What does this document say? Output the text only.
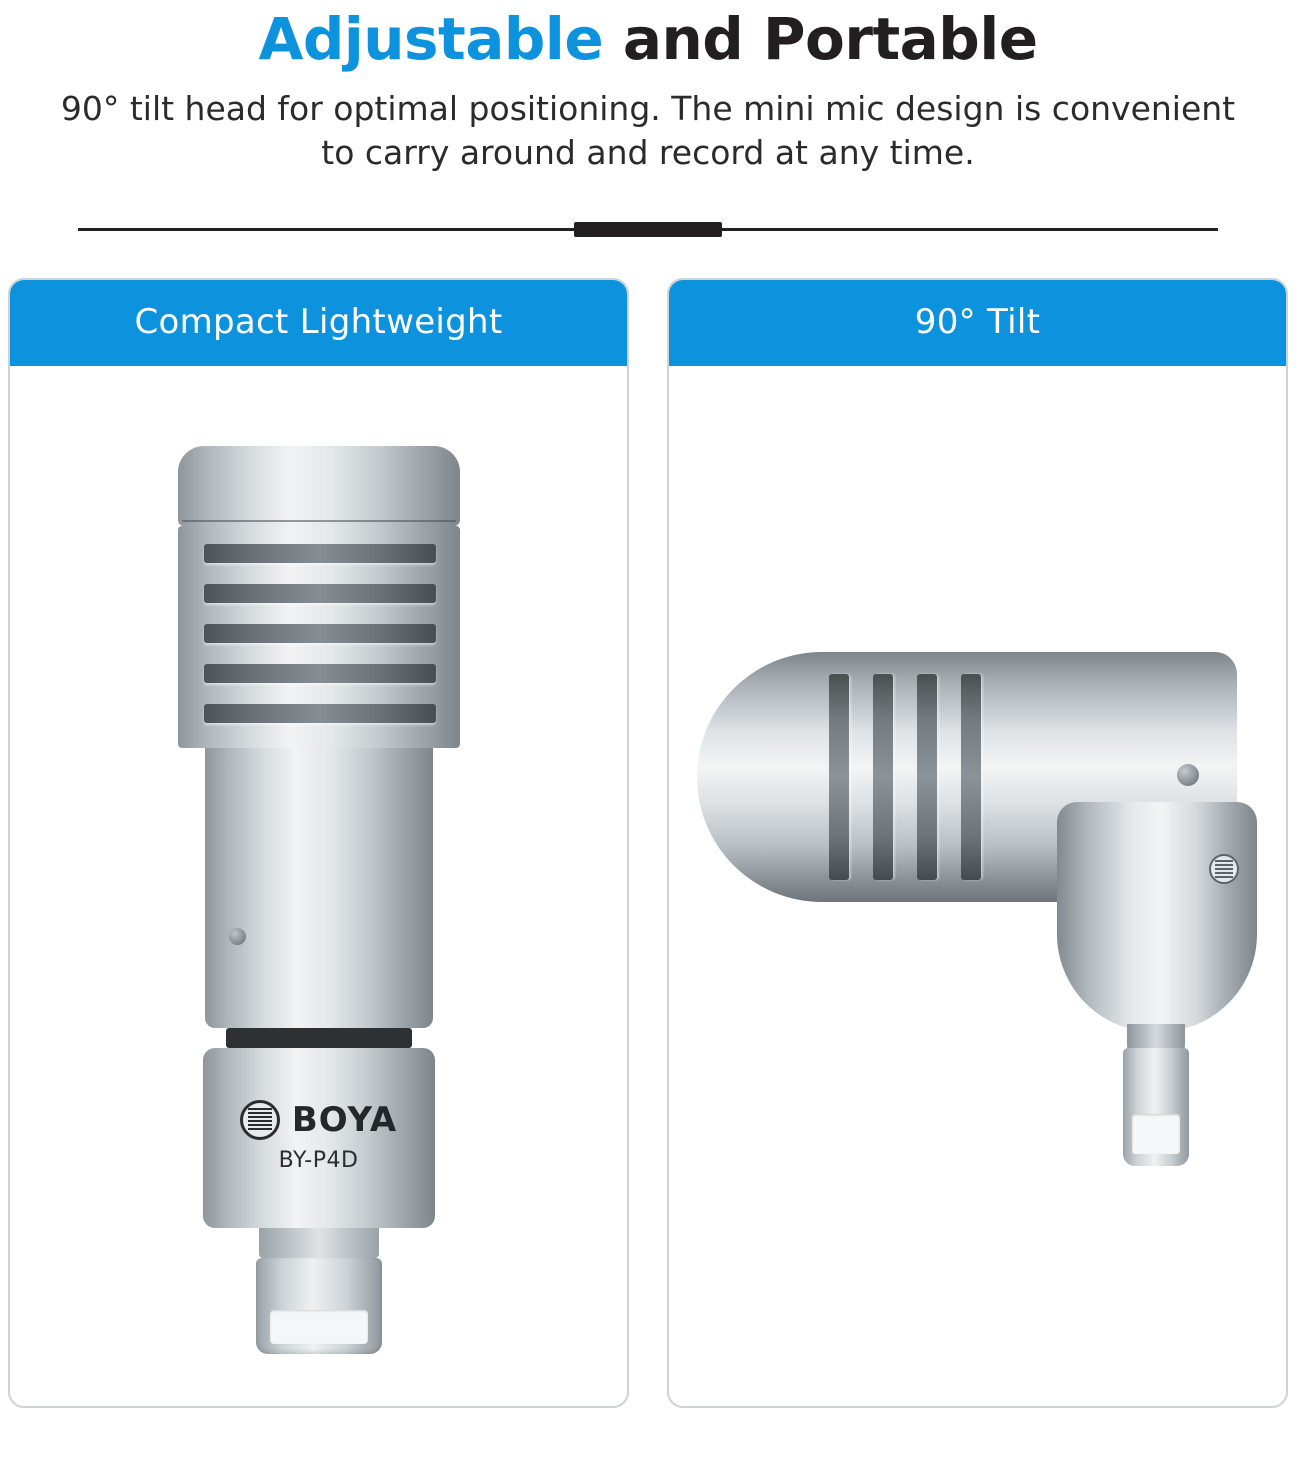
Adjustable and Portable

90° tilt head for optimal positioning. The mini mic design is convenient to carry around and record at any time.

Compact Lightweight
BOYA
BY-P4D
90° Tilt
